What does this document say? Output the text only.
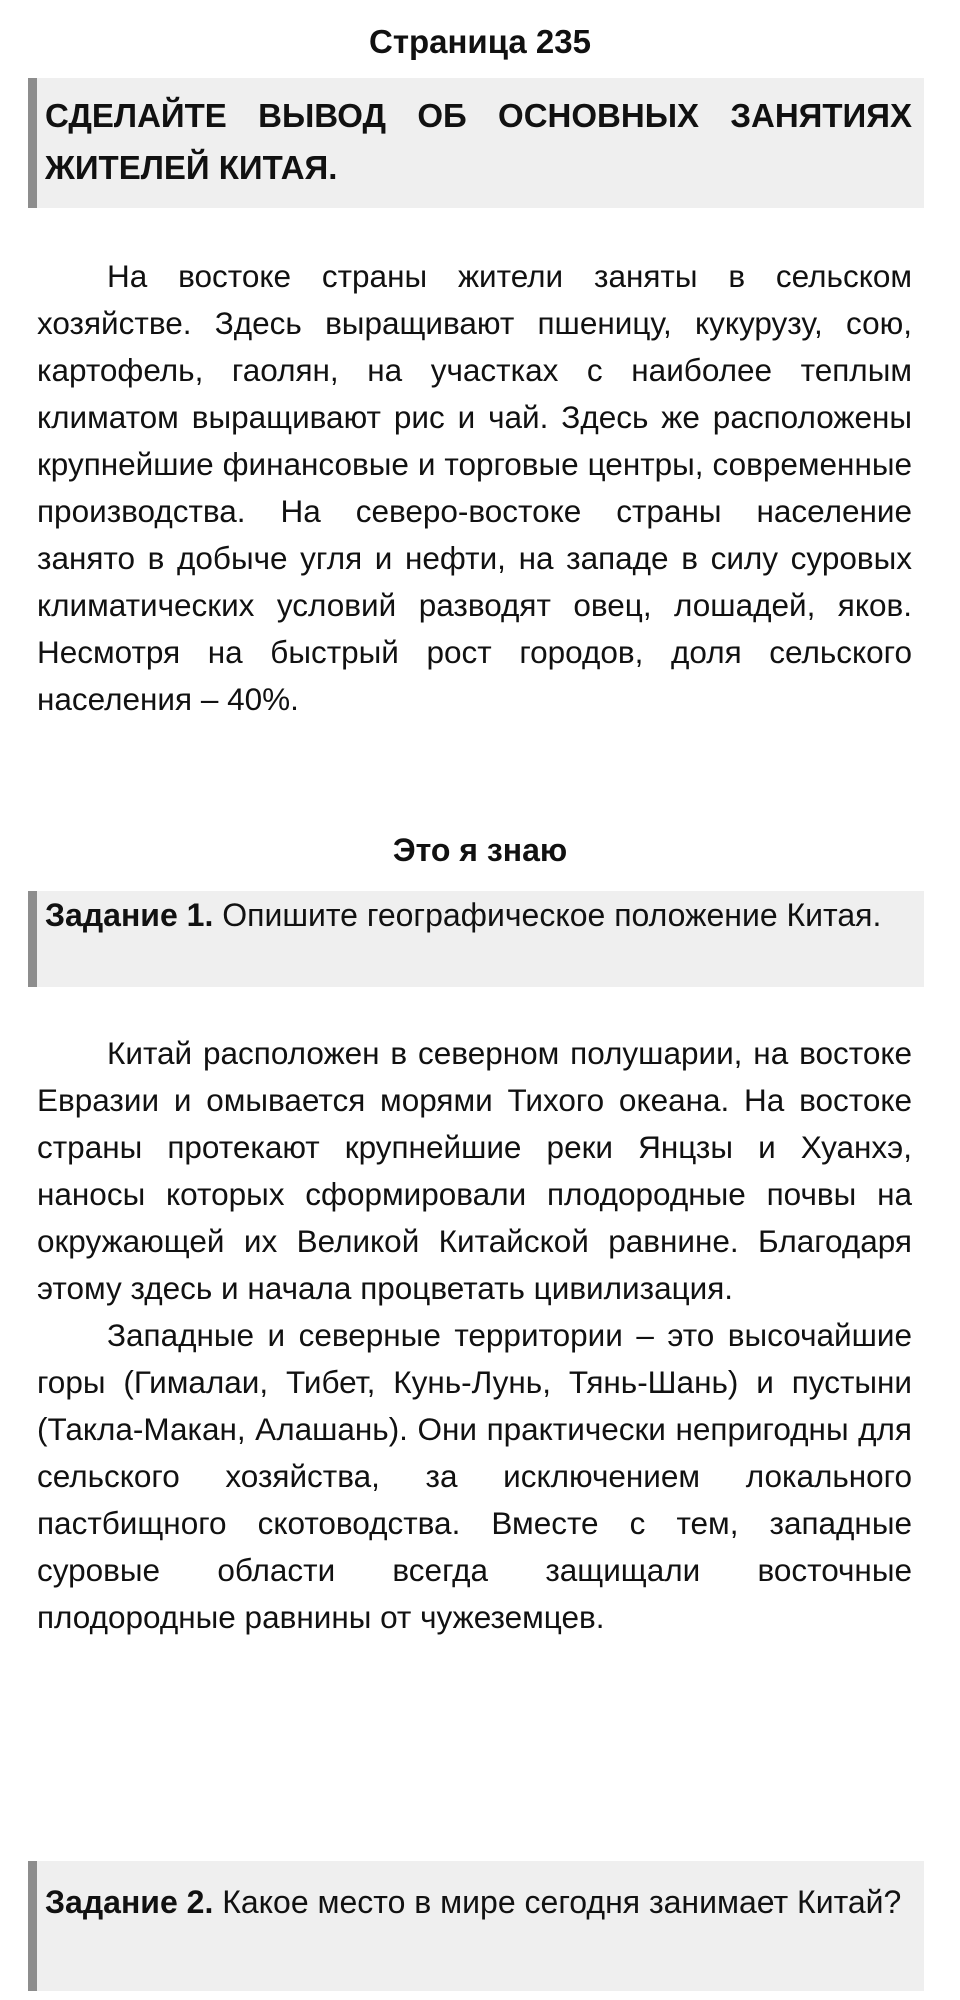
Страница 235
СДЕЛАЙТЕ ВЫВОД ОБ ОСНОВНЫХ ЗАНЯТИЯХ ЖИТЕЛЕЙ КИТАЯ.

На востоке страны жители заняты в сельском хозяйстве. Здесь выращивают пшеницу, кукурузу, сою, картофель, гаолян, на участках с наиболее теплым климатом выращивают рис и чай. Здесь же расположены крупнейшие финансовые и торговые центры, современные производства. На северо-востоке страны население занято в добыче угля и нефти, на западе в силу суровых климатических условий разводят овец, лошадей, яков. Несмотря на быстрый рост городов, доля сельского населения – 40%.

Это я знаю
Задание 1. Опишите географическое положение Китая.

Китай расположен в северном полушарии, на востоке Евразии и омывается морями Тихого океана. На востоке страны протекают крупнейшие реки Янцзы и Хуанхэ, наносы которых сформировали плодородные почвы на окружающей их Великой Китайской равнине. Благодаря этому здесь и начала процветать цивилизация.

Западные и северные территории – это высочайшие горы (Гималаи, Тибет, Кунь-Лунь, Тянь-Шань) и пустыни (Такла-Макан, Алашань). Они практически непригодны для сельского хозяйства, за исключением локального пастбищного скотоводства. Вместе с тем, западные суровые области всегда защищали восточные плодородные равнины от чужеземцев.

Задание 2. Какое место в мире сегодня занимает Китай?
